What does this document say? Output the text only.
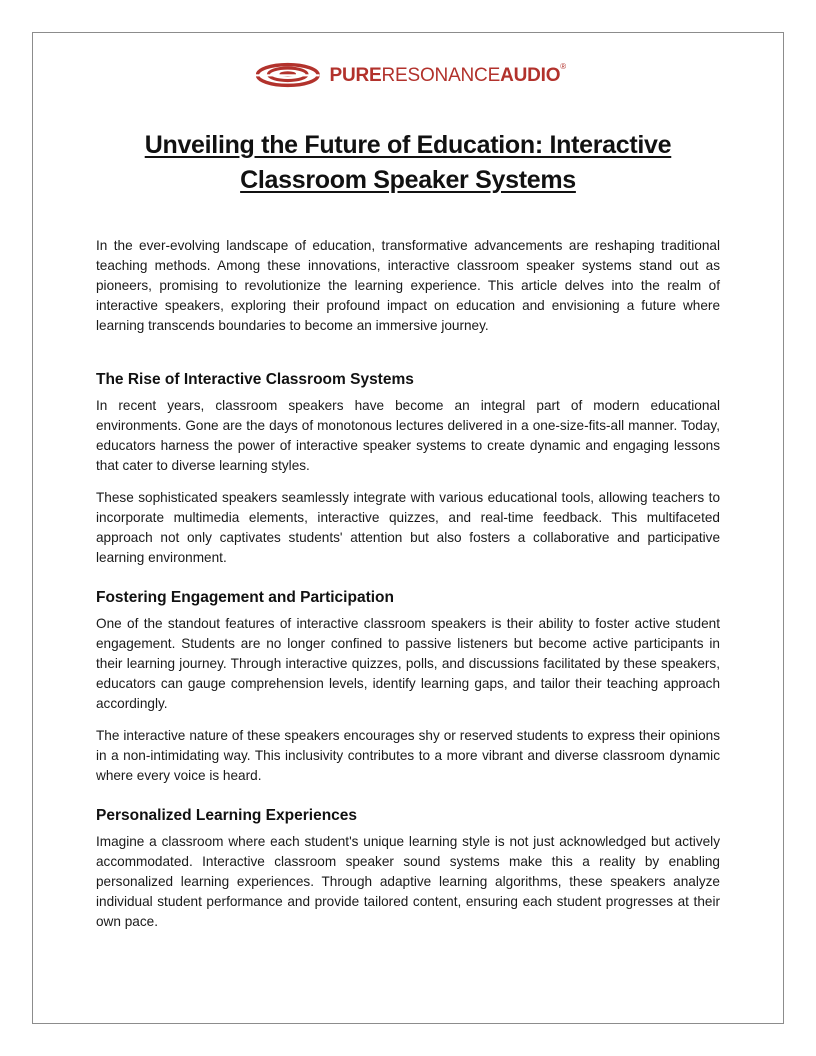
PURERESONANCEAUDIO®
Unveiling the Future of Education: Interactive Classroom Speaker Systems

In the ever-evolving landscape of education, transformative advancements are reshaping traditional teaching methods. Among these innovations, interactive classroom speaker systems stand out as pioneers, promising to revolutionize the learning experience. This article delves into the realm of interactive speakers, exploring their profound impact on education and envisioning a future where learning transcends boundaries to become an immersive journey.

The Rise of Interactive Classroom Systems

In recent years, classroom speakers have become an integral part of modern educational environments. Gone are the days of monotonous lectures delivered in a one-size-fits-all manner. Today, educators harness the power of interactive speaker systems to create dynamic and engaging lessons that cater to diverse learning styles.

These sophisticated speakers seamlessly integrate with various educational tools, allowing teachers to incorporate multimedia elements, interactive quizzes, and real-time feedback. This multifaceted approach not only captivates students' attention but also fosters a collaborative and participative learning environment.

Fostering Engagement and Participation

One of the standout features of interactive classroom speakers is their ability to foster active student engagement. Students are no longer confined to passive listeners but become active participants in their learning journey. Through interactive quizzes, polls, and discussions facilitated by these speakers, educators can gauge comprehension levels, identify learning gaps, and tailor their teaching approach accordingly.

The interactive nature of these speakers encourages shy or reserved students to express their opinions in a non-intimidating way. This inclusivity contributes to a more vibrant and diverse classroom dynamic where every voice is heard.

Personalized Learning Experiences

Imagine a classroom where each student's unique learning style is not just acknowledged but actively accommodated. Interactive classroom speaker sound systems make this a reality by enabling personalized learning experiences. Through adaptive learning algorithms, these speakers analyze individual student performance and provide tailored content, ensuring each student progresses at their own pace.
